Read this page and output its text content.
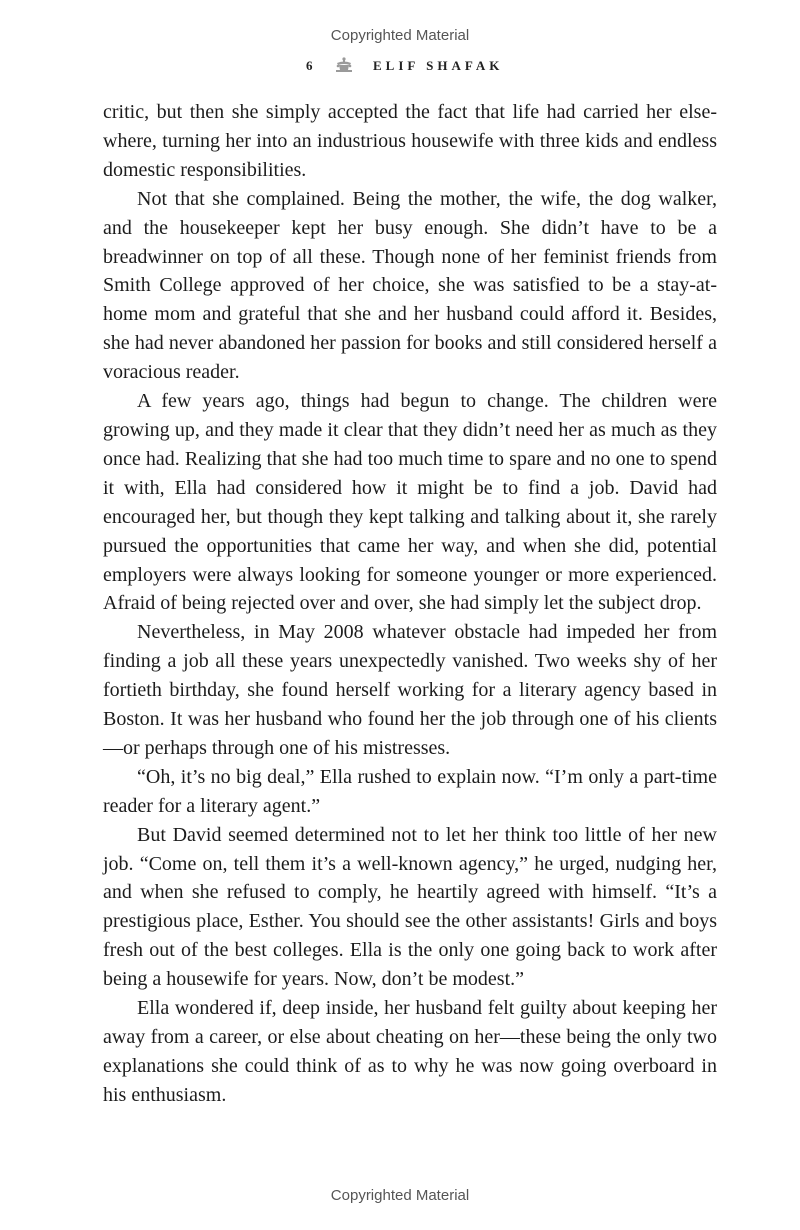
Copyrighted Material
6	ELIF SHAFAK

critic, but then she simply accepted the fact that life had carried her elsewhere, turning her into an industrious housewife with three kids and endless domestic responsibilities.

Not that she complained. Being the mother, the wife, the dog walker, and the housekeeper kept her busy enough. She didn’t have to be a breadwinner on top of all these. Though none of her feminist friends from Smith College approved of her choice, she was satisfied to be a stay-at-home mom and grateful that she and her husband could afford it. Besides, she had never abandoned her passion for books and still considered herself a voracious reader.

A few years ago, things had begun to change. The children were growing up, and they made it clear that they didn’t need her as much as they once had. Realizing that she had too much time to spare and no one to spend it with, Ella had considered how it might be to find a job. David had encouraged her, but though they kept talking and talking about it, she rarely pursued the opportunities that came her way, and when she did, potential employers were always looking for someone younger or more experienced. Afraid of being rejected over and over, she had simply let the subject drop.

Nevertheless, in May 2008 whatever obstacle had impeded her from finding a job all these years unexpectedly vanished. Two weeks shy of her fortieth birthday, she found herself working for a literary agency based in Boston. It was her husband who found her the job through one of his clients—or perhaps through one of his mistresses.

“Oh, it’s no big deal,” Ella rushed to explain now. “I’m only a part-time reader for a literary agent.”

But David seemed determined not to let her think too little of her new job. “Come on, tell them it’s a well-known agency,” he urged, nudging her, and when she refused to comply, he heartily agreed with himself. “It’s a prestigious place, Esther. You should see the other assistants! Girls and boys fresh out of the best colleges. Ella is the only one going back to work after being a housewife for years. Now, don’t be modest.”

Ella wondered if, deep inside, her husband felt guilty about keeping her away from a career, or else about cheating on her—these being the only two explanations she could think of as to why he was now going overboard in his enthusiasm.

Copyrighted Material
